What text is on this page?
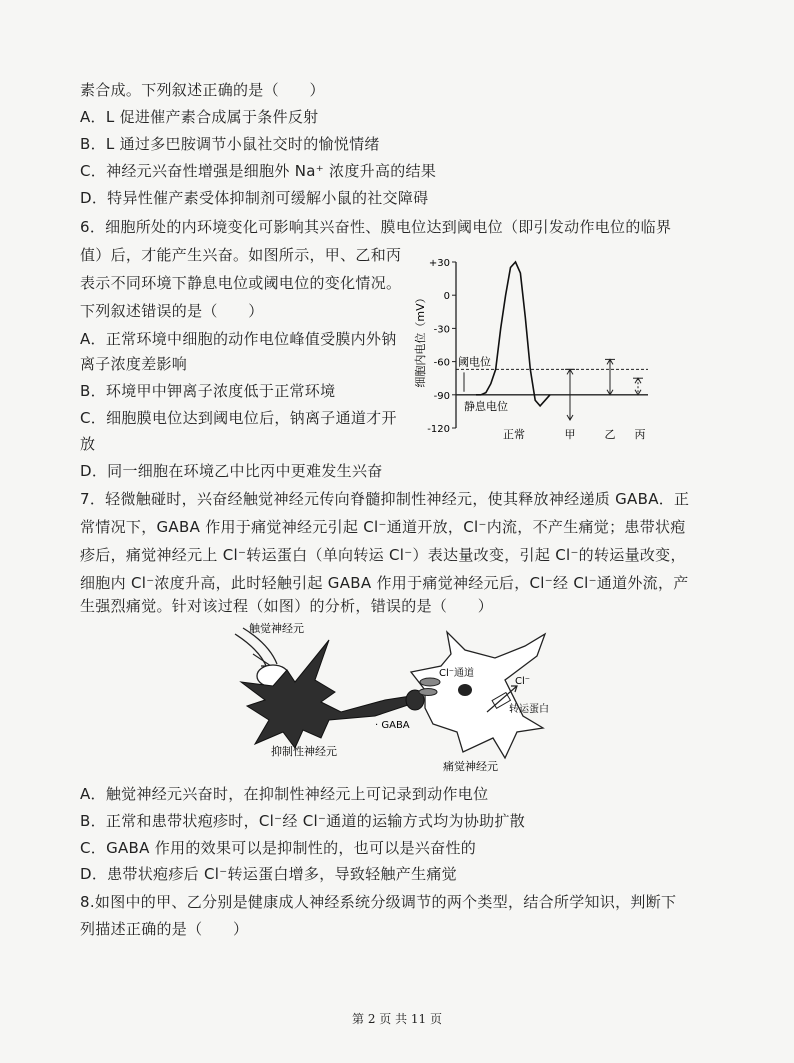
素合成。下列叙述正确的是（　　）
A．L 促进催产素合成属于条件反射
B．L 通过多巴胺调节小鼠社交时的愉悦情绪
C．神经元兴奋性增强是细胞外 Na⁺ 浓度升高的结果
D．特异性催产素受体抑制剂可缓解小鼠的社交障碍
6．细胞所处的内环境变化可影响其兴奋性、膜电位达到阈电位（即引发动作电位的临界
值）后，才能产生兴奋。如图所示，甲、乙和丙
表示不同环境下静息电位或阈电位的变化情况。
下列叙述错误的是（　　）
A．正常环境中细胞的动作电位峰值受膜内外钠
离子浓度差影响
B．环境甲中钾离子浓度低于正常环境
C．细胞膜电位达到阈电位后，钠离子通道才开
放
D．同一细胞在环境乙中比丙中更难发生兴奋
细胞内电位（mV）
+30
0
-30
-60
-90
-120
阈电位
静息电位
正常	甲	乙 丙
7．轻微触碰时，兴奋经触觉神经元传向脊髓抑制性神经元，使其释放神经递质 GABA．正
常情况下，GABA 作用于痛觉神经元引起 Cl⁻通道开放，Cl⁻内流，不产生痛觉；患带状疱
疹后，痛觉神经元上 Cl⁻转运蛋白（单向转运 Cl⁻）表达量改变，引起 Cl⁻的转运量改变，
细胞内 Cl⁻浓度升高，此时轻触引起 GABA 作用于痛觉神经元后，Cl⁻经 Cl⁻通道外流，产
生强烈痛觉。针对该过程（如图）的分析，错误的是（　　）
触觉神经元
抑制性神经元
· GABA
Cl⁻通道
Cl⁻
转运蛋白
痛觉神经元
A．触觉神经元兴奋时，在抑制性神经元上可记录到动作电位
B．正常和患带状疱疹时，Cl⁻经 Cl⁻通道的运输方式均为协助扩散
C．GABA 作用的效果可以是抑制性的，也可以是兴奋性的
D．患带状疱疹后 Cl⁻转运蛋白增多，导致轻触产生痛觉
8.如图中的甲、乙分别是健康成人神经系统分级调节的两个类型，结合所学知识，判断下
列描述正确的是（　　）
第 2 页 共 11 页
